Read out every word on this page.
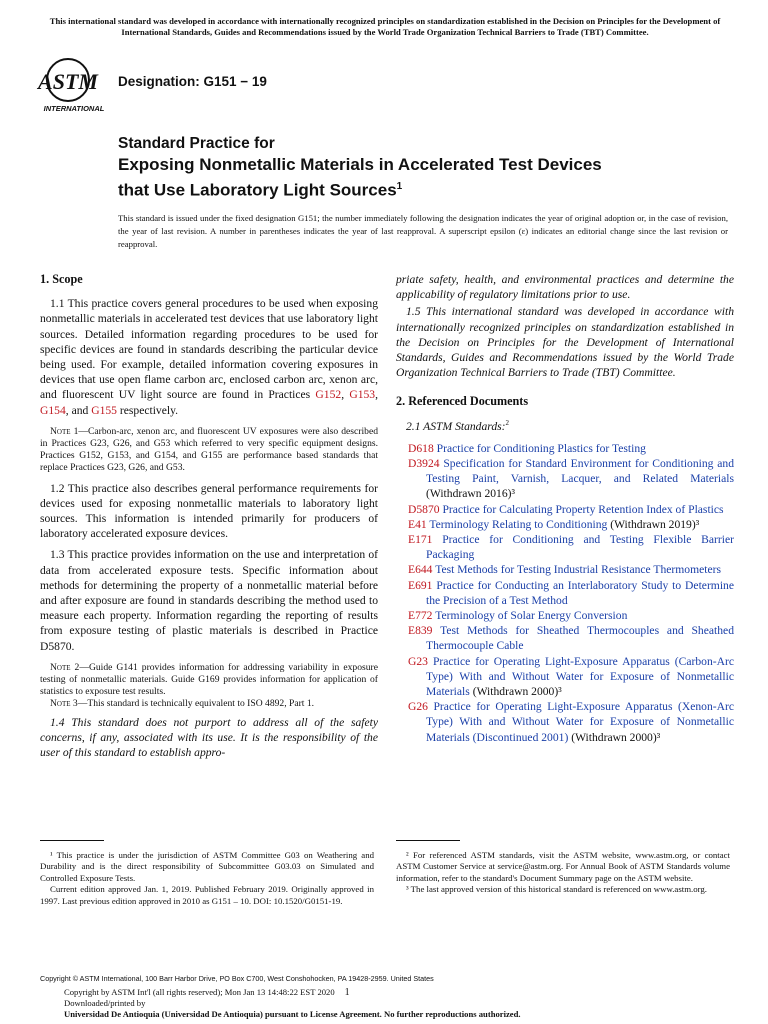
This international standard was developed in accordance with internationally recognized principles on standardization established in the Decision on Principles for the Development of International Standards, Guides and Recommendations issued by the World Trade Organization Technical Barriers to Trade (TBT) Committee.
ASTM
INTERNATIONAL
Designation: G151 − 19
Standard Practice for
Exposing Nonmetallic Materials in Accelerated Test Devices
that Use Laboratory Light Sources$^1$
This standard is issued under the fixed designation G151; the number immediately following the designation indicates the year of original adoption or, in the case of revision, the year of last revision. A number in parentheses indicates the year of last reapproval. A superscript epsilon (ε) indicates an editorial change since the last revision or reapproval.

1. Scope

1.1 This practice covers general procedures to be used when exposing nonmetallic materials in accelerated test devices that use laboratory light sources. Detailed information regarding procedures to be used for specific devices are found in standards describing the particular device being used. For example, detailed information covering exposures in devices that use open flame carbon arc, enclosed carbon arc, xenon arc, and fluorescent UV light source are found in Practices G152, G153, G154, and G155 respectively.

Note 1—Carbon-arc, xenon arc, and fluorescent UV exposures were also described in Practices G23, G26, and G53 which referred to very specific equipment designs. Practices G152, G153, and G154, and G155 are performance based standards that replace Practices G23, G26, and G53.

1.2 This practice also describes general performance requirements for devices used for exposing nonmetallic materials to laboratory light sources. This information is intended primarily for producers of laboratory accelerated exposure devices.

1.3 This practice provides information on the use and interpretation of data from accelerated exposure tests. Specific information about methods for determining the property of a nonmetallic material before and after exposure are found in standards describing the method used to measure each property. Information regarding the reporting of results from exposure testing of plastic materials is described in Practice D5870.

Note 2—Guide G141 provides information for addressing variability in exposure testing of nonmetallic materials. Guide G169 provides information for application of statistics to exposure test results.

Note 3—This standard is technically equivalent to ISO 4892, Part 1.

1.4 This standard does not purport to address all of the safety concerns, if any, associated with its use. It is the responsibility of the user of this standard to establish appro-

priate safety, health, and environmental practices and determine the applicability of regulatory limitations prior to use.

1.5 This international standard was developed in accordance with internationally recognized principles on standardization established in the Decision on Principles for the Development of International Standards, Guides and Recommendations issued by the World Trade Organization Technical Barriers to Trade (TBT) Committee.

2. Referenced Documents

2.1 ASTM Standards:$^2$

D618 Practice for Conditioning Plastics for Testing

D3924 Specification for Standard Environment for Conditioning and Testing Paint, Varnish, Lacquer, and Related Materials (Withdrawn 2016)³

D5870 Practice for Calculating Property Retention Index of Plastics

E41 Terminology Relating to Conditioning (Withdrawn 2019)³

E171 Practice for Conditioning and Testing Flexible Barrier Packaging

E644 Test Methods for Testing Industrial Resistance Thermometers

E691 Practice for Conducting an Interlaboratory Study to Determine the Precision of a Test Method

E772 Terminology of Solar Energy Conversion

E839 Test Methods for Sheathed Thermocouples and Sheathed Thermocouple Cable

G23 Practice for Operating Light-Exposure Apparatus (Carbon-Arc Type) With and Without Water for Exposure of Nonmetallic Materials (Withdrawn 2000)³

G26 Practice for Operating Light-Exposure Apparatus (Xenon-Arc Type) With and Without Water for Exposure of Nonmetallic Materials (Discontinued 2001) (Withdrawn 2000)³

¹ This practice is under the jurisdiction of ASTM Committee G03 on Weathering and Durability and is the direct responsibility of Subcommittee G03.03 on Simulated and Controlled Exposure Tests.

Current edition approved Jan. 1, 2019. Published February 2019. Originally approved in 1997. Last previous edition approved in 2010 as G151 – 10. DOI: 10.1520/G0151-19.

² For referenced ASTM standards, visit the ASTM website, www.astm.org, or contact ASTM Customer Service at service@astm.org. For Annual Book of ASTM Standards volume information, refer to the standard's Document Summary page on the ASTM website.

³ The last approved version of this historical standard is referenced on www.astm.org.

Copyright © ASTM International, 100 Barr Harbor Drive, PO Box C700, West Conshohocken, PA 19428-2959. United States
Copyright by ASTM Int'l (all rights reserved); Mon Jan 13 14:48:22 EST 2020 1
Downloaded/printed by
Universidad De Antioquia (Universidad De Antioquia) pursuant to License Agreement. No further reproductions authorized.
